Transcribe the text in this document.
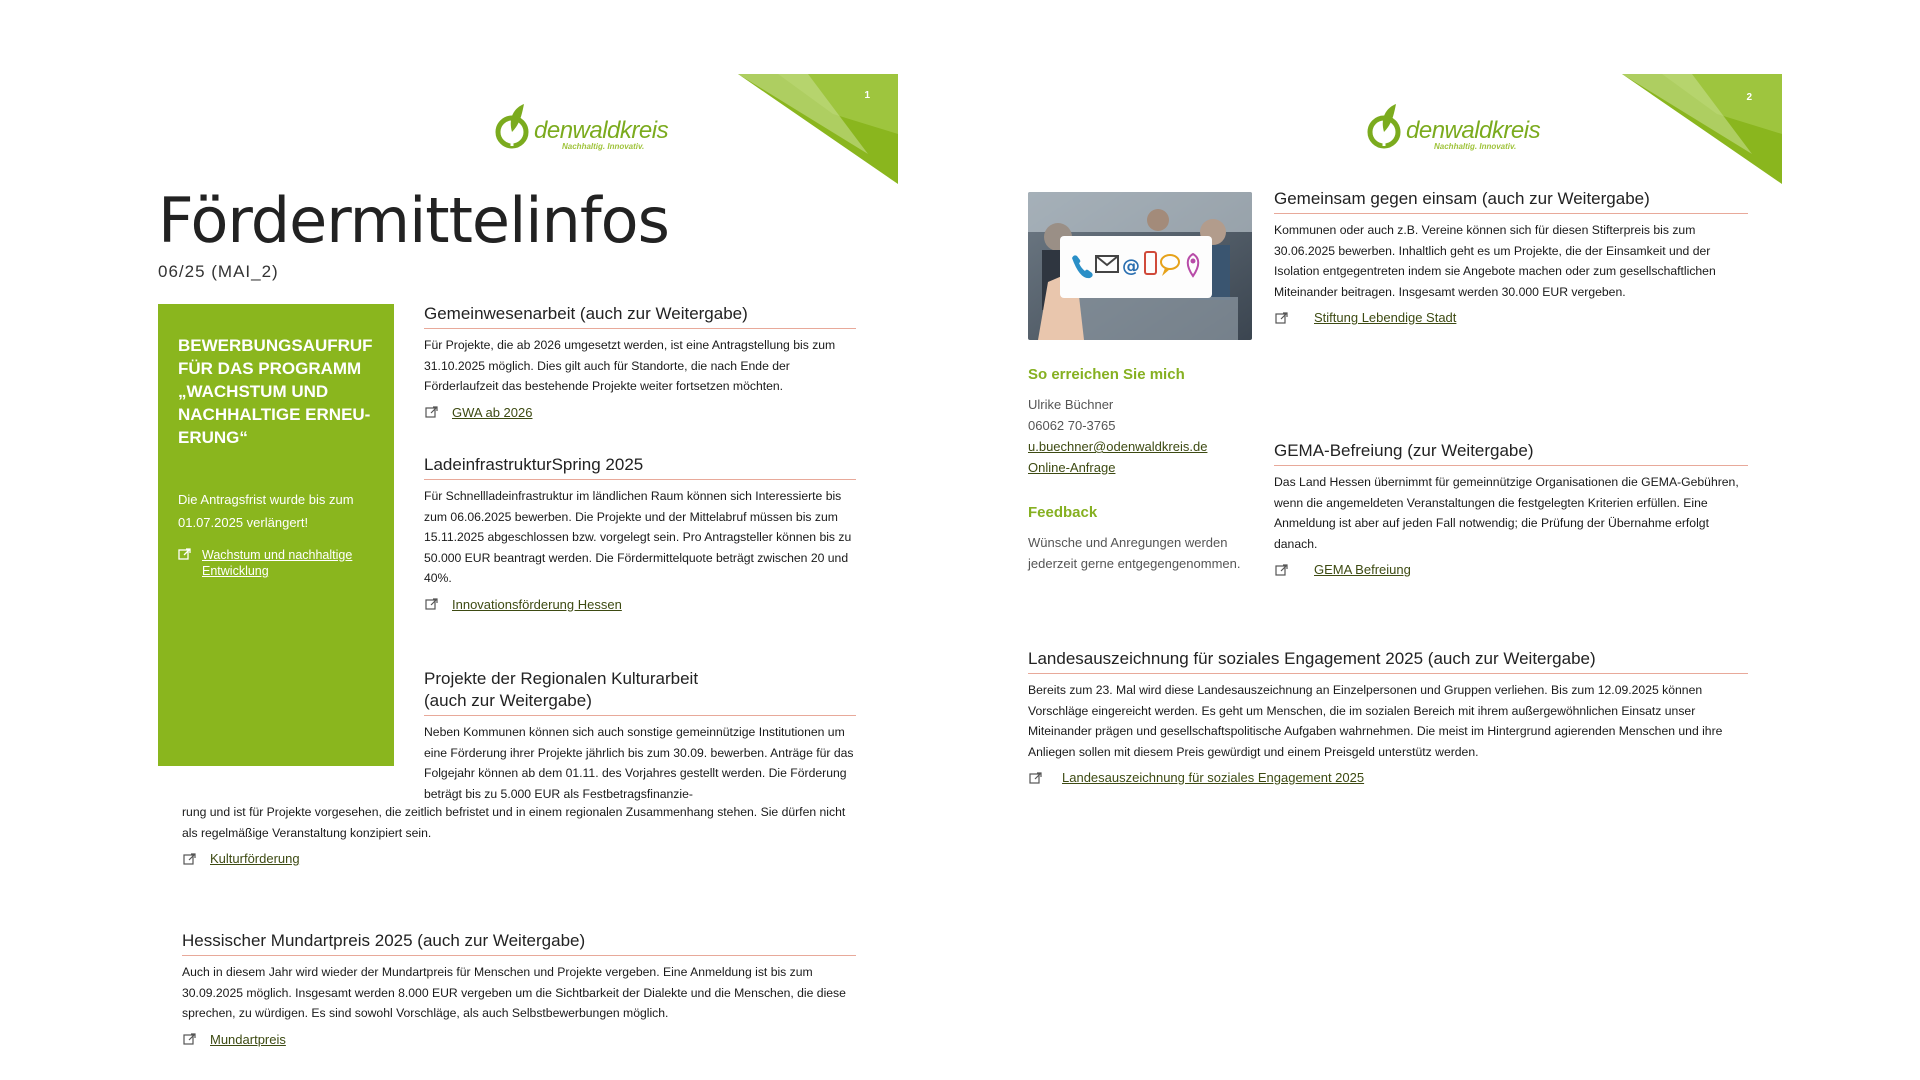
1
denwaldkreis
Nachhaltig. Innovativ.
Fördermittelinfos
06/25 (MAI_2)
BEWERBUNGSAUFRUF FÜR DAS PROGRAMM „WACHSTUM UND NACHHALTIGE ERNEU-ERUNG“
Die Antragsfrist wurde bis zum 01.07.2025 verlängert!
Wachstum und nachhaltige Entwicklung
Gemeinwesenarbeit (auch zur Weitergabe)

Für Projekte, die ab 2026 umgesetzt werden, ist eine Antragstellung bis zum 31.10.2025 möglich. Dies gilt auch für Standorte, die nach Ende der Förderlaufzeit das bestehende Projekte weiter fortsetzen möchten.

GWA ab 2026
LadeinfrastrukturSpring 2025

Für Schnellladeinfrastruktur im ländlichen Raum können sich Interessierte bis zum 06.06.2025 bewerben. Die Projekte und der Mittelabruf müssen bis zum 15.11.2025 abgeschlossen bzw. vorgelegt sein. Pro Antragsteller können bis zu 50.000 EUR beantragt werden. Die Fördermittelquote beträgt zwischen 20 und 40%.

Innovationsförderung Hessen
Projekte der Regionalen Kulturarbeit
(auch zur Weitergabe)

Neben Kommunen können sich auch sonstige gemeinnützige Institutionen um eine Förderung ihrer Projekte jährlich bis zum 30.09. bewerben. Anträge für das Folgejahr können ab dem 01.11. des Vorjahres gestellt werden. Die Förderung beträgt bis zu 5.000 EUR als Festbetragsfinanzie-

rung und ist für Projekte vorgesehen, die zeitlich befristet und in einem regionalen Zusammenhang stehen. Sie dürfen nicht als regelmäßige Veranstaltung konzipiert sein.

Kulturförderung
Hessischer Mundartpreis 2025 (auch zur Weitergabe)

Auch in diesem Jahr wird wieder der Mundartpreis für Menschen und Projekte vergeben. Eine Anmeldung ist bis zum 30.09.2025 möglich. Insgesamt werden 8.000 EUR vergeben um die Sichtbarkeit der Dialekte und die Menschen, die diese sprechen, zu würdigen. Es sind sowohl Vorschläge, als auch Selbstbewerbungen möglich.

Mundartpreis
2
denwaldkreis
Nachhaltig. Innovativ.
@
So erreichen Sie mich
Ulrike Büchner
06062 70-3765
u.buechner@odenwaldkreis.de
Online-Anfrage
Feedback
Wünsche und Anregungen werden jederzeit gerne entgegengenommen.
Gemeinsam gegen einsam (auch zur Weitergabe)

Kommunen oder auch z.B. Vereine können sich für diesen Stifterpreis bis zum 30.06.2025 bewerben. Inhaltlich geht es um Projekte, die der Einsamkeit und der Isolation entgegentreten indem sie Angebote machen oder zum gesellschaftlichen Miteinander beitragen. Insgesamt werden 30.000 EUR vergeben.

Stiftung Lebendige Stadt
GEMA-Befreiung (zur Weitergabe)

Das Land Hessen übernimmt für gemeinnützige Organisationen die GEMA-Gebühren, wenn die angemeldeten Veranstaltungen die festgelegten Kriterien erfüllen. Eine Anmeldung ist aber auf jeden Fall notwendig; die Prüfung der Übernahme erfolgt danach.

GEMA Befreiung
Landesauszeichnung für soziales Engagement 2025 (auch zur Weitergabe)

Bereits zum 23. Mal wird diese Landesauszeichnung an Einzelpersonen und Gruppen verliehen. Bis zum 12.09.2025 können Vorschläge eingereicht werden. Es geht um Menschen, die im sozialen Bereich mit ihrem außergewöhnlichen Einsatz unser Miteinander prägen und gesellschaftspolitische Aufgaben wahrnehmen. Die meist im Hintergrund agierenden Menschen und ihre Anliegen sollen mit diesem Preis gewürdigt und einem Preisgeld unterstütz werden.

Landesauszeichnung für soziales Engagement 2025
